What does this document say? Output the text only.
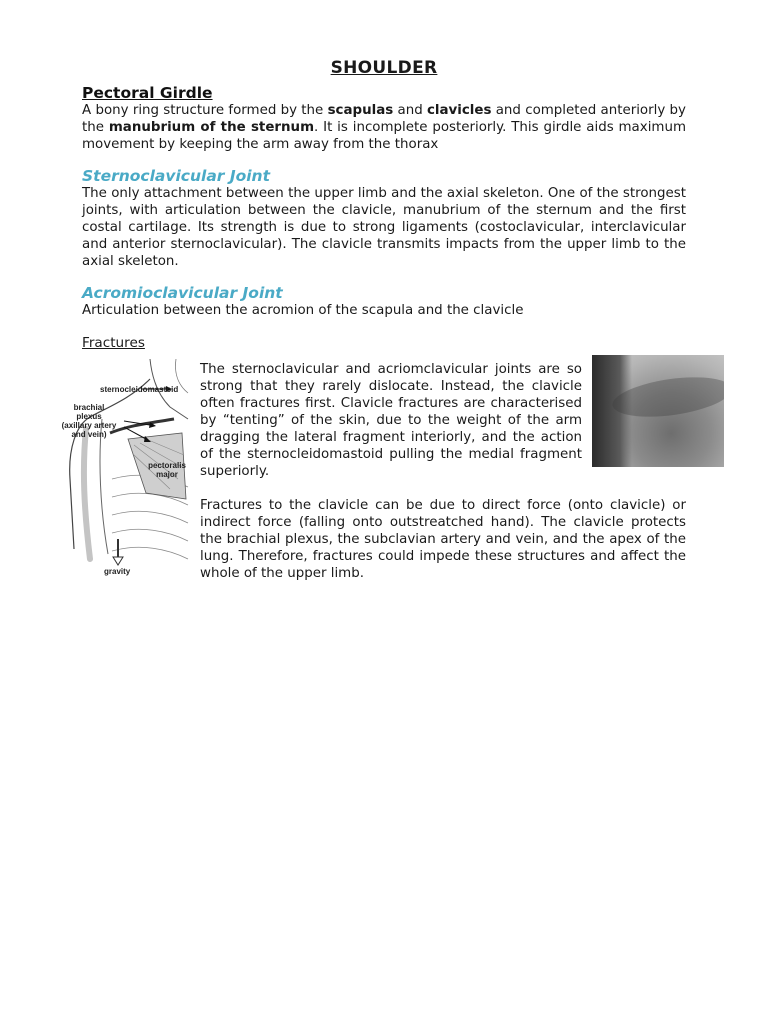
SHOULDER
Pectoral Girdle

A bony ring structure formed by the scapulas and clavicles and completed anteriorly by the manubrium of the sternum. It is incomplete posteriorly. This girdle aids maximum movement by keeping the arm away from the thorax

Sternoclavicular Joint

The only attachment between the upper limb and the axial skeleton. One of the strongest joints, with articulation between the clavicle, manubrium of the sternum and the first costal cartilage. Its strength is due to strong ligaments (costoclavicular, interclavicular and anterior sternoclavicular). The clavicle transmits impacts from the upper limb to the axial skeleton.

Acromioclavicular Joint

Articulation between the acromion of the scapula and the clavicle

Fractures
sternocleidomastoid
brachial
plexus
(axillary artery
and vein)
pectoralis
major
gravity

The sternoclavicular and acriomclavicular joints are so strong that they rarely dislocate. Instead, the clavicle often fractures first. Clavicle fractures are characterised by “tenting” of the skin, due to the weight of the arm dragging the lateral fragment interiorly, and the action of the sternocleidomastoid pulling the medial fragment superiorly.

Fractures to the clavicle can be due to direct force (onto clavicle) or indirect force (falling onto outstreatched hand). The clavicle protects the brachial plexus, the subclavian artery and vein, and the apex of the lung. Therefore, fractures could impede these structures and affect the whole of the upper limb.
